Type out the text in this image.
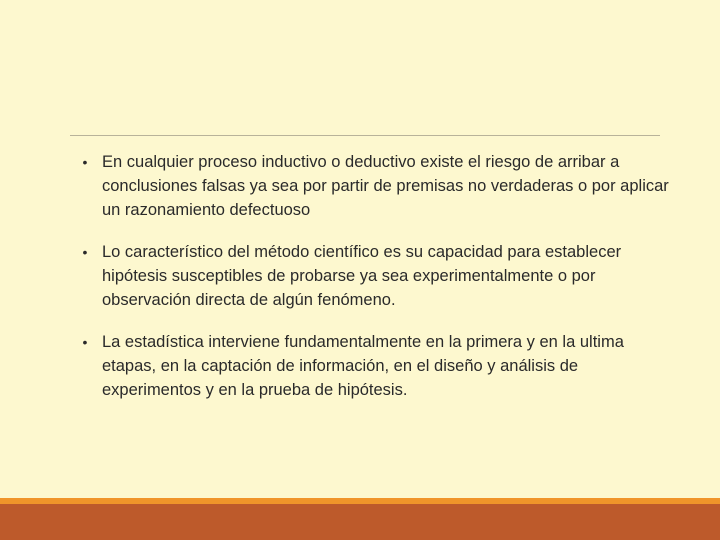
• En cualquier proceso inductivo o deductivo existe el riesgo de arribar a conclusiones falsas ya sea por partir de premisas no verdaderas o por aplicar un razonamiento defectuoso
• Lo característico del método científico es su capacidad para establecer hipótesis susceptibles de probarse ya sea experimentalmente o por observación directa de algún fenómeno.
• La estadística interviene fundamentalmente en la primera y en la ultima etapas, en la captación de información, en el diseño y análisis de experimentos y en la prueba de hipótesis.
